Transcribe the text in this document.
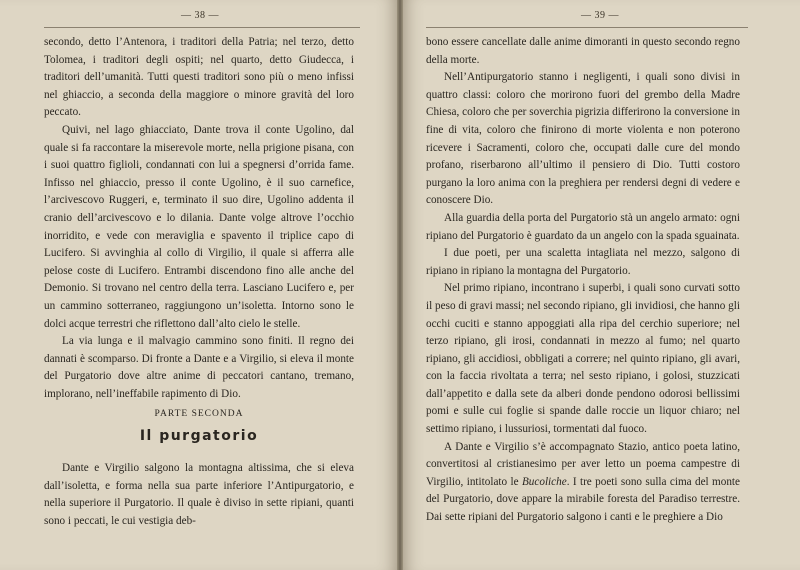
— 38 —

secondo, detto l’Antenora, i traditori della Patria; nel terzo, detto Tolomea, i traditori degli ospiti; nel quarto, detto Giudecca, i traditori dell’umanità. Tutti questi traditori sono più o meno infissi nel ghiaccio, a seconda della maggiore o minore gravità del loro peccato.

Quivi, nel lago ghiacciato, Dante trova il conte Ugolino, dal quale si fa raccontare la miserevole morte, nella prigione pisana, con i suoi quattro figlioli, condannati con lui a spegnersi d’orrida fame. Infisso nel ghiaccio, presso il conte Ugolino, è il suo carnefice, l’arcivescovo Ruggeri, e, terminato il suo dire, Ugolino addenta il cranio dell’arcivescovo e lo dilania. Dante volge altrove l’occhio inorridito, e vede con meraviglia e spavento il triplice capo di Lucifero. Si avvinghia al collo di Virgilio, il quale si afferra alle pelose coste di Lucifero. Entrambi discendono fino alle anche del Demonio. Si trovano nel centro della terra. Lasciano Lucifero e, per un cammino sotterraneo, raggiungono un’isoletta. Intorno sono le dolci acque terrestri che riflettono dall’alto cielo le stelle.

La via lunga e il malvagio cammino sono finiti. Il regno dei dannati è scomparso. Di fronte a Dante e a Virgilio, si eleva il monte del Purgatorio dove altre anime di peccatori cantano, tremano, implorano, nell’ineffabile rapimento di Dio.

PARTE SECONDA
Il purgatorio

Dante e Virgilio salgono la montagna altissima, che si eleva dall’isoletta, e forma nella sua parte inferiore l’Antipurgatorio, e nella superiore il Purgatorio. Il quale è diviso in sette ripiani, quanti sono i peccati, le cui vestigia deb-

— 39 —

bono essere cancellate dalle anime dimoranti in questo secondo regno della morte.

Nell’Antipurgatorio stanno i negligenti, i quali sono divisi in quattro classi: coloro che morirono fuori del grembo della Madre Chiesa, coloro che per soverchia pigrizia differirono la conversione in fine di vita, coloro che finirono di morte violenta e non poterono ricevere i Sacramenti, coloro che, occupati dalle cure del mondo profano, riserbarono all’ultimo il pensiero di Dio. Tutti costoro purgano la loro anima con la preghiera per rendersi degni di vedere e conoscere Dio.

Alla guardia della porta del Purgatorio stà un angelo armato: ogni ripiano del Purgatorio è guardato da un angelo con la spada sguainata.

I due poeti, per una scaletta intagliata nel mezzo, salgono di ripiano in ripiano la montagna del Purgatorio.

Nel primo ripiano, incontrano i superbi, i quali sono curvati sotto il peso di gravi massi; nel secondo ripiano, gli invidiosi, che hanno gli occhi cuciti e stanno appoggiati alla ripa del cerchio superiore; nel terzo ripiano, gli irosi, condannati in mezzo al fumo; nel quarto ripiano, gli accidiosi, obbligati a correre; nel quinto ripiano, gli avari, con la faccia rivoltata a terra; nel sesto ripiano, i golosi, stuzzicati dall’appetito e dalla sete da alberi donde pendono odorosi bellissimi pomi e sulle cui foglie si spande dalle roccie un liquor chiaro; nel settimo ripiano, i lussuriosi, tormentati dal fuoco.

A Dante e Virgilio s’è accompagnato Stazio, antico poeta latino, convertitosi al cristianesimo per aver letto un poema campestre di Virgilio, intitolato le Bucoliche. I tre poeti sono sulla cima del monte del Purgatorio, dove appare la mirabile foresta del Paradiso terrestre. Dai sette ripiani del Purgatorio salgono i canti e le preghiere a Dio
